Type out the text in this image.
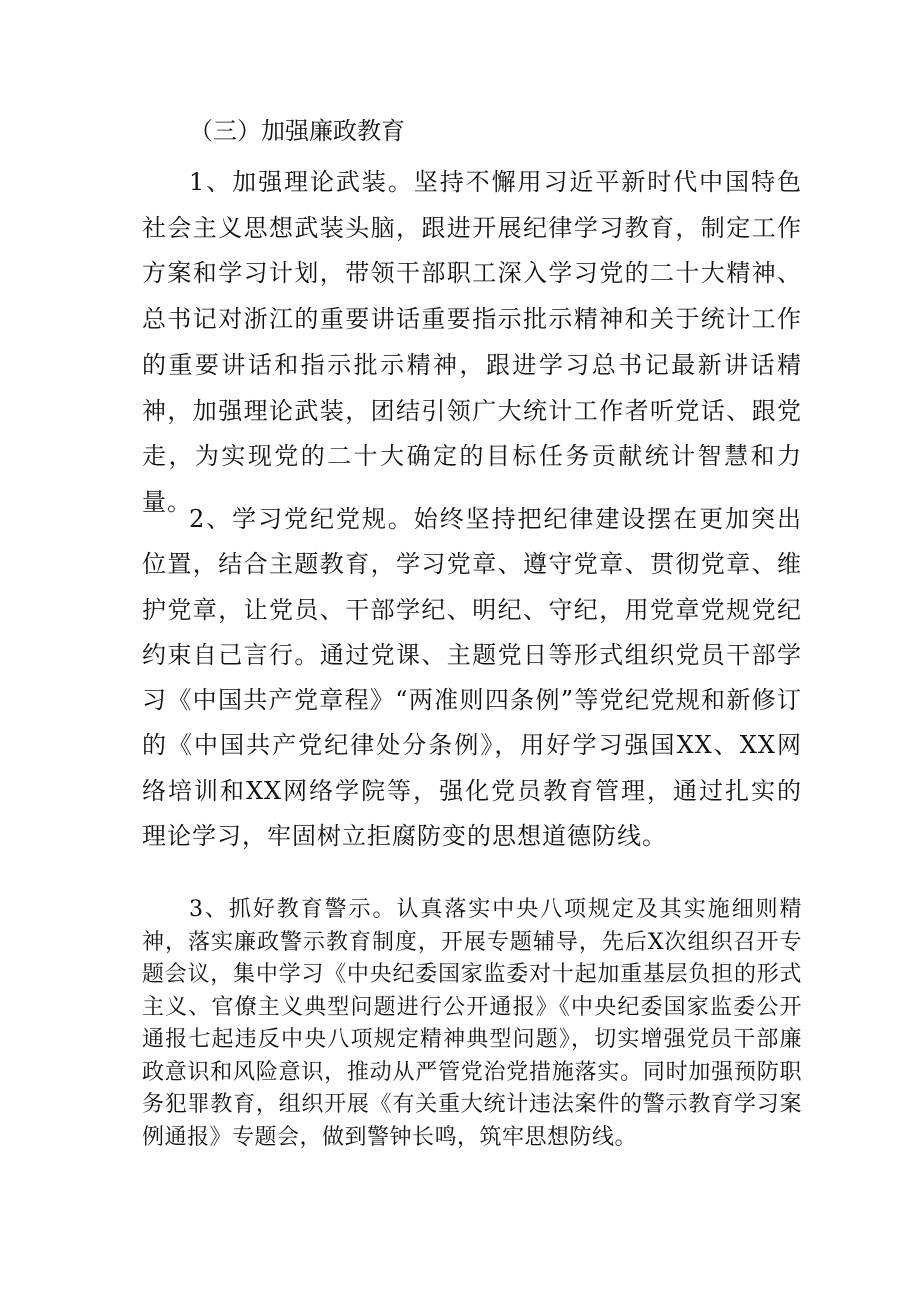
（三）加强廉政教育

1、加强理论武装。坚持不懈用习近平新时代中国特色社会主义思想武装头脑，跟进开展纪律学习教育，制定工作方案和学习计划，带领干部职工深入学习党的二十大精神、总书记对浙江的重要讲话重要指示批示精神和关于统计工作的重要讲话和指示批示精神，跟进学习总书记最新讲话精神，加强理论武装，团结引领广大统计工作者听党话、跟党走，为实现党的二十大确定的目标任务贡献统计智慧和力量。

2、学习党纪党规。始终坚持把纪律建设摆在更加突出位置，结合主题教育，学习党章、遵守党章、贯彻党章、维护党章，让党员、干部学纪、明纪、守纪，用党章党规党纪约束自己言行。通过党课、主题党日等形式组织党员干部学习《中国共产党章程》“两准则四条例”等党纪党规和新修订的《中国共产党纪律处分条例》，用好学习强国XX、XX网络培训和XX网络学院等，强化党员教育管理，通过扎实的理论学习，牢固树立拒腐防变的思想道德防线。

3、抓好教育警示。认真落实中央八项规定及其实施细则精神，落实廉政警示教育制度，开展专题辅导，先后X次组织召开专题会议，集中学习《中央纪委国家监委对十起加重基层负担的形式主义、官僚主义典型问题进行公开通报》《中央纪委国家监委公开通报七起违反中央八项规定精神典型问题》，切实增强党员干部廉政意识和风险意识，推动从严管党治党措施落实。同时加强预防职务犯罪教育，组织开展《有关重大统计违法案件的警示教育学习案例通报》专题会，做到警钟长鸣，筑牢思想防线。
